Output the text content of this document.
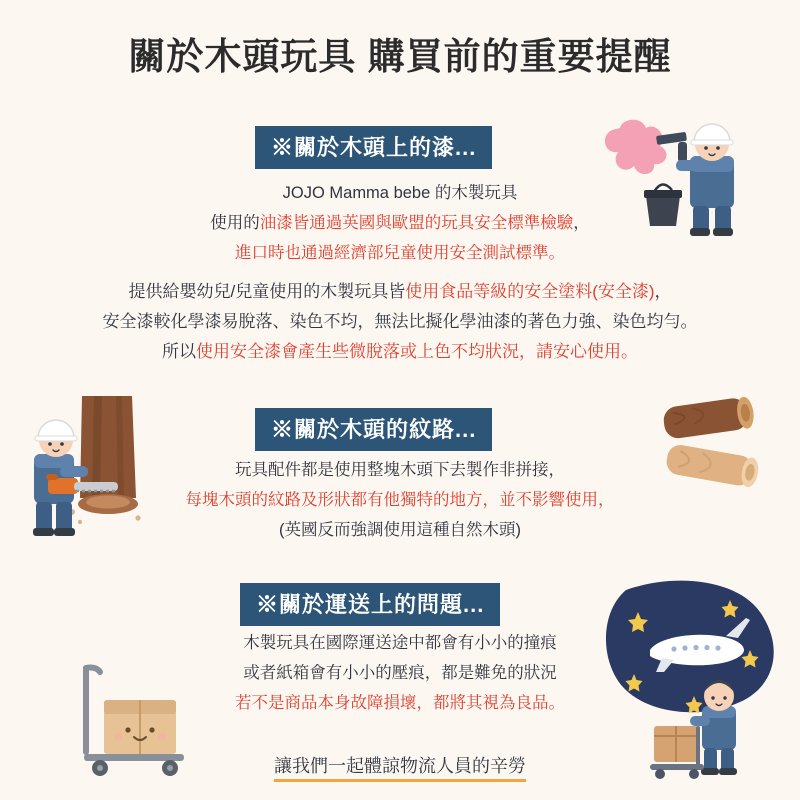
關於木頭玩具 購買前的重要提醒
※關於木頭上的漆...
JOJO Mamma bebe 的木製玩具
使用的油漆皆通過英國與歐盟的玩具安全標準檢驗，
進口時也通過經濟部兒童使用安全測試標準。
提供給嬰幼兒/兒童使用的木製玩具皆使用食品等級的安全塗料(安全漆)，
安全漆較化學漆易脫落、染色不均，無法比擬化學油漆的著色力強、染色均勻。
所以使用安全漆會產生些微脫落或上色不均狀況，請安心使用。
※關於木頭的紋路...
玩具配件都是使用整塊木頭下去製作非拼接，
每塊木頭的紋路及形狀都有他獨特的地方，並不影響使用，
(英國反而強調使用這種自然木頭)
※關於運送上的問題...
木製玩具在國際運送途中都會有小小的撞痕
或者紙箱會有小小的壓痕，都是難免的狀況
若不是商品本身故障損壞，都將其視為良品。
讓我們一起體諒物流人員的辛勞
